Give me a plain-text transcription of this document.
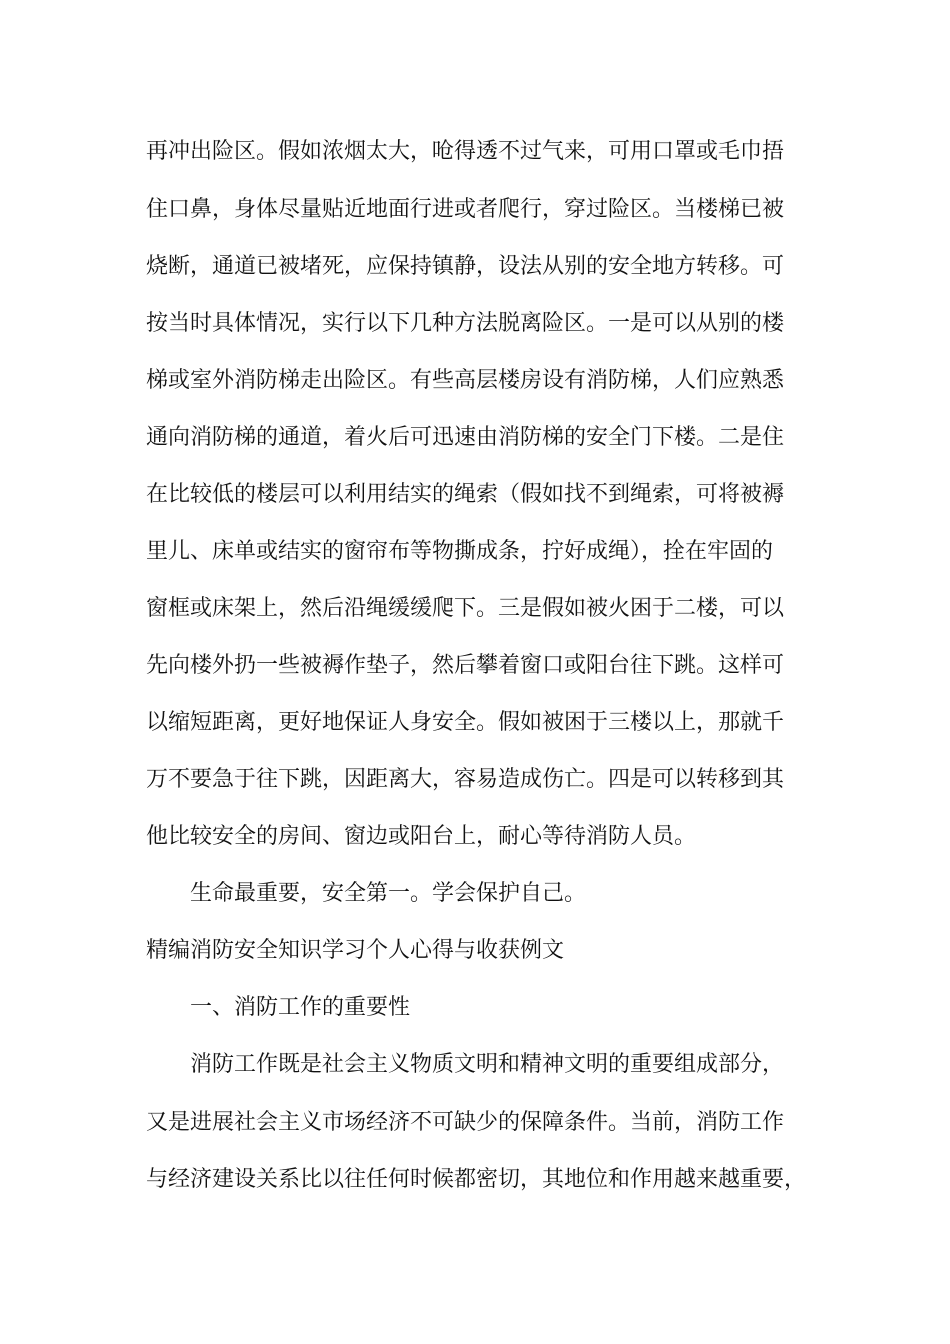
再冲出险区。假如浓烟太大，呛得透不过气来，可用口罩或毛巾捂
住口鼻，身体尽量贴近地面行进或者爬行，穿过险区。当楼梯已被
烧断，通道已被堵死，应保持镇静，设法从别的安全地方转移。可
按当时具体情况，实行以下几种方法脱离险区。一是可以从别的楼
梯或室外消防梯走出险区。有些高层楼房设有消防梯，人们应熟悉
通向消防梯的通道，着火后可迅速由消防梯的安全门下楼。二是住
在比较低的楼层可以利用结实的绳索（假如找不到绳索，可将被褥
里儿、床单或结实的窗帘布等物撕成条，拧好成绳），拴在牢固的
窗框或床架上，然后沿绳缓缓爬下。三是假如被火困于二楼，可以
先向楼外扔一些被褥作垫子，然后攀着窗口或阳台往下跳。这样可
以缩短距离，更好地保证人身安全。假如被困于三楼以上，那就千
万不要急于往下跳，因距离大，容易造成伤亡。四是可以转移到其
他比较安全的房间、窗边或阳台上，耐心等待消防人员。
生命最重要，安全第一。学会保护自己。
精编消防安全知识学习个人心得与收获例文
一、消防工作的重要性
消防工作既是社会主义物质文明和精神文明的重要组成部分，
又是进展社会主义市场经济不可缺少的保障条件。当前，消防工作
与经济建设关系比以往任何时候都密切，其地位和作用越来越重要，
